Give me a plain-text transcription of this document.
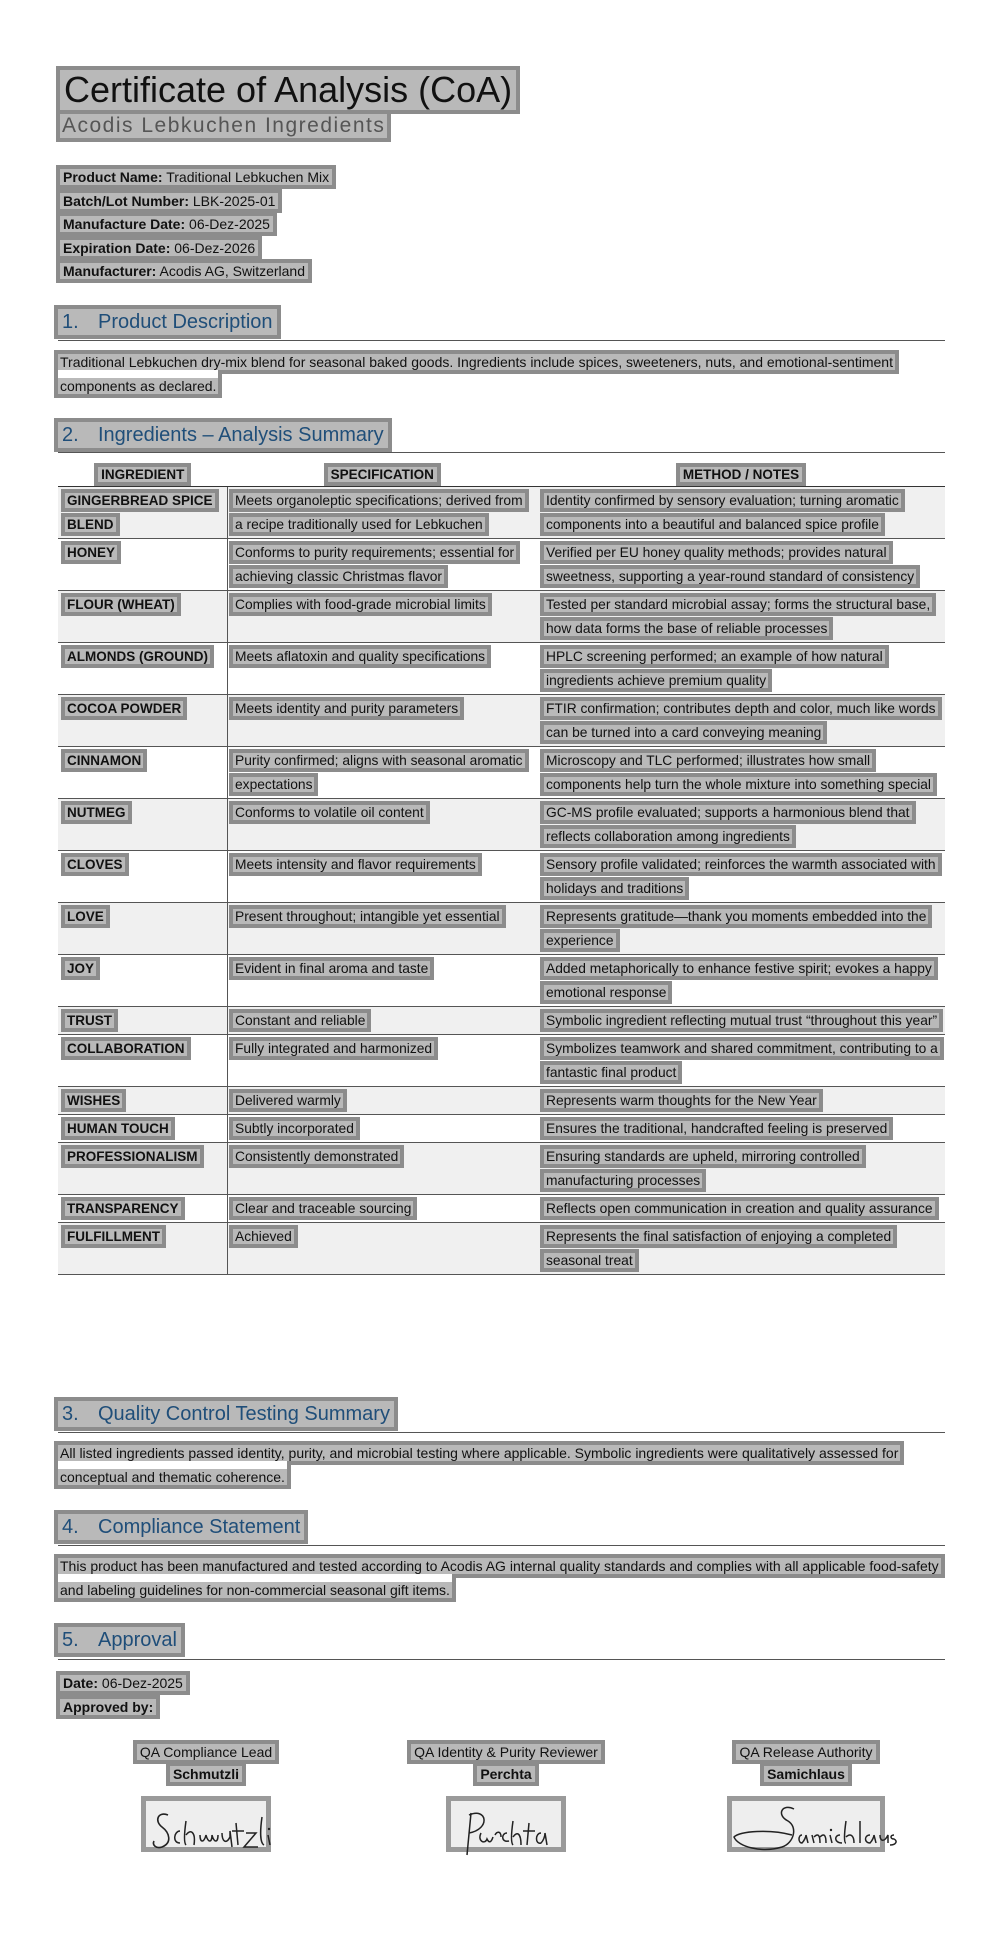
Certificate of Analysis (CoA)
Acodis Lebkuchen Ingredients
Product Name: Traditional Lebkuchen Mix
Batch/Lot Number: LBK-2025-01
Manufacture Date: 06-Dez-2025
Expiration Date: 06-Dez-2026
Manufacturer: Acodis AG, Switzerland
1. Product Description
Traditional Lebkuchen dry-mix blend for seasonal baked goods. Ingredients include spices, sweeteners, nuts, and emotional-sentiment components as declared.
2. Ingredients – Analysis Summary
INGREDIENT	SPECIFICATION	METHOD / NOTES
GINGERBREAD SPICE BLEND	Meets organoleptic specifications; derived from a recipe traditionally used for Lebkuchen	Identity confirmed by sensory evaluation; turning aromatic components into a beautiful and balanced spice profile
HONEY	Conforms to purity requirements; essential for achieving classic Christmas flavor	Verified per EU honey quality methods; provides natural sweetness, supporting a year-round standard of consistency
FLOUR (WHEAT)	Complies with food-grade microbial limits	Tested per standard microbial assay; forms the structural base, how data forms the base of reliable processes
ALMONDS (GROUND)	Meets aflatoxin and quality specifications	HPLC screening performed; an example of how natural ingredients achieve premium quality
COCOA POWDER	Meets identity and purity parameters	FTIR confirmation; contributes depth and color, much like words can be turned into a card conveying meaning
CINNAMON	Purity confirmed; aligns with seasonal aromatic expectations	Microscopy and TLC performed; illustrates how small components help turn the whole mixture into something special
NUTMEG	Conforms to volatile oil content	GC-MS profile evaluated; supports a harmonious blend that reflects collaboration among ingredients
CLOVES	Meets intensity and flavor requirements	Sensory profile validated; reinforces the warmth associated with holidays and traditions
LOVE	Present throughout; intangible yet essential	Represents gratitude—thank you moments embedded into the experience
JOY	Evident in final aroma and taste	Added metaphorically to enhance festive spirit; evokes a happy emotional response
TRUST	Constant and reliable	Symbolic ingredient reflecting mutual trust “throughout this year”
COLLABORATION	Fully integrated and harmonized	Symbolizes teamwork and shared commitment, contributing to a fantastic final product
WISHES	Delivered warmly	Represents warm thoughts for the New Year
HUMAN TOUCH	Subtly incorporated	Ensures the traditional, handcrafted feeling is preserved
PROFESSIONALISM	Consistently demonstrated	Ensuring standards are upheld, mirroring controlled manufacturing processes
TRANSPARENCY	Clear and traceable sourcing	Reflects open communication in creation and quality assurance
FULFILLMENT	Achieved	Represents the final satisfaction of enjoying a completed seasonal treat
3. Quality Control Testing Summary
All listed ingredients passed identity, purity, and microbial testing where applicable. Symbolic ingredients were qualitatively assessed for conceptual and thematic coherence.
4. Compliance Statement
This product has been manufactured and tested according to Acodis AG internal quality standards and complies with all applicable food-safety and labeling guidelines for non-commercial seasonal gift items.
5. Approval
Date: 06-Dez-2025
Approved by:
QA Compliance Lead
Schmutzli
QA Identity & Purity Reviewer
Perchta
QA Release Authority
Samichlaus
